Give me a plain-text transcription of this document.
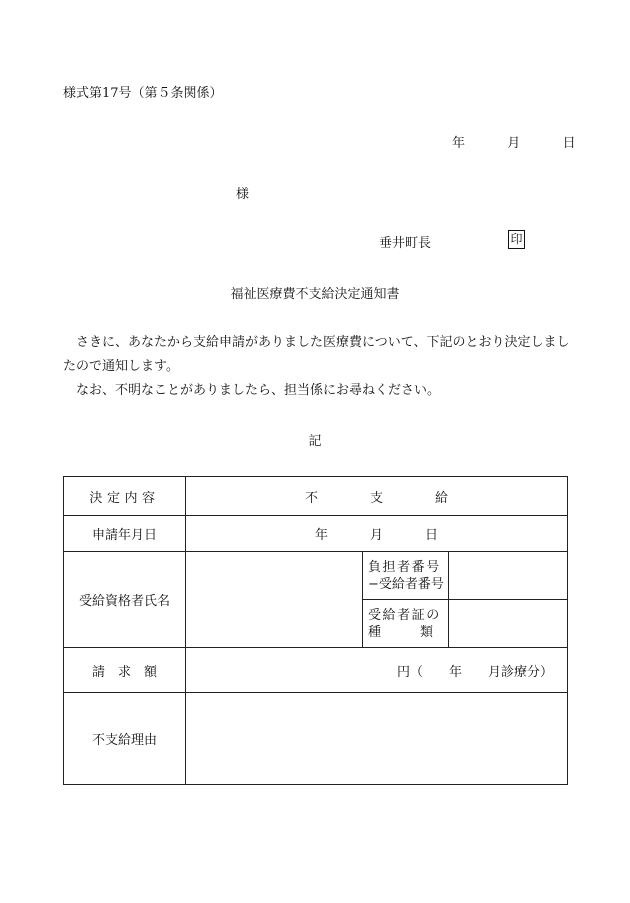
様式第17号（第５条関係）
年	月	日
様
垂井町長	印
福祉医療費不支給決定通知書

さきに、あなたから支給申請がありました医療費について、下記のとおり決定しましたので通知します。

なお、不明なことがありましたら、担当係にお尋ねください。

記
決定内容	不 支 給		
申請年月日	年 月 日		
受給資格者氏名		負担者番号
−受給者番号	

		受給者証の
種　　　類	

請　求　額	円（ 年 月診療分）		
不支給理由			
